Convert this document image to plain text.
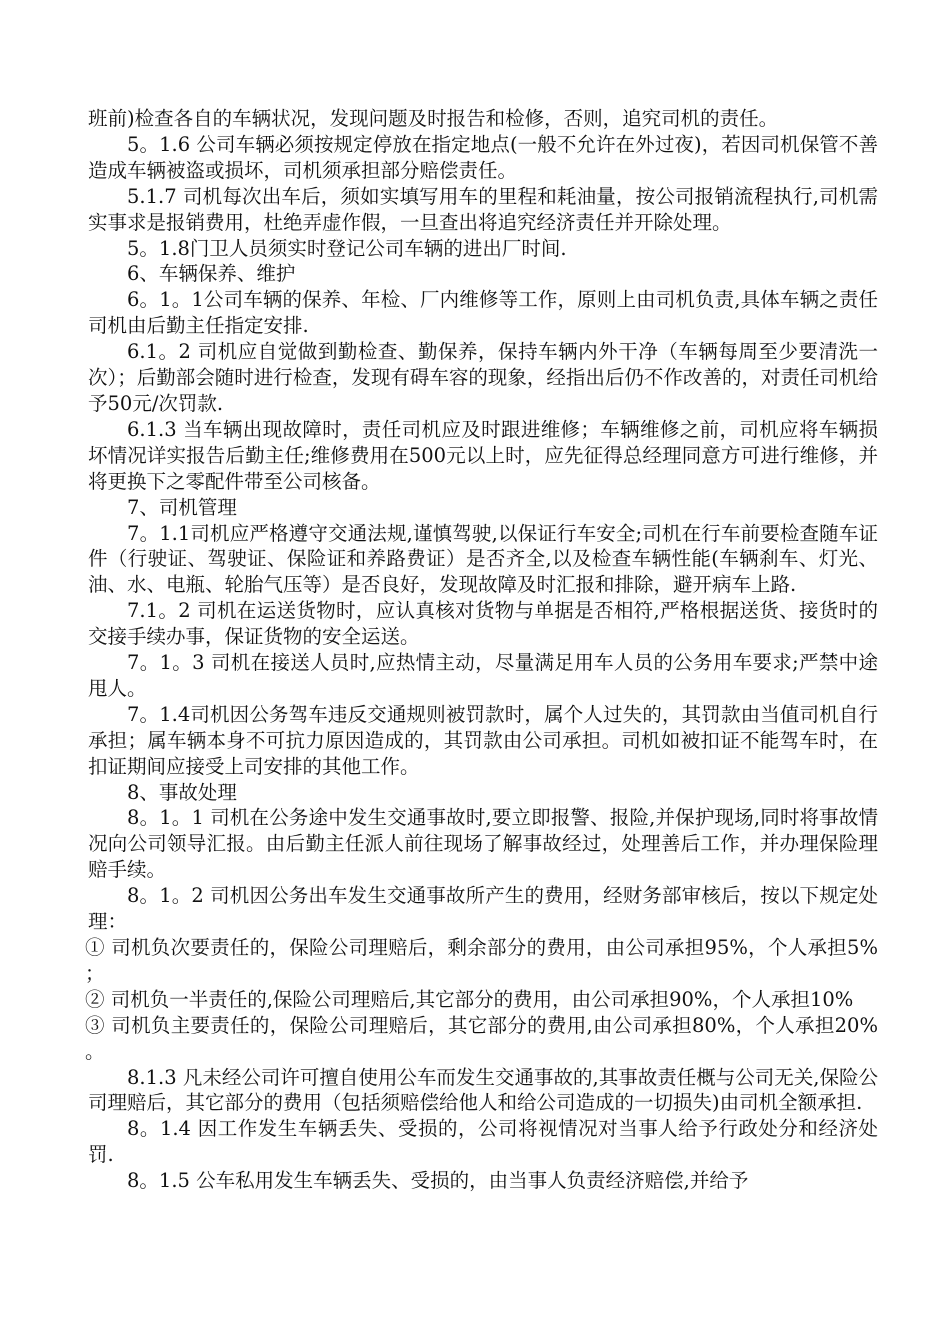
班前)检查各自的车辆状况，发现问题及时报告和检修，否则，追究司机的责任。

5。1.6 公司车辆必须按规定停放在指定地点(一般不允许在外过夜)，若因司机保管不善造成车辆被盗或损坏，司机须承担部分赔偿责任。

5.1.7 司机每次出车后，须如实填写用车的里程和耗油量，按公司报销流程执行,司机需实事求是报销费用，杜绝弄虚作假，一旦查出将追究经济责任并开除处理。

5。1.8门卫人员须实时登记公司车辆的进出厂时间.

6、车辆保养、维护

6。1。1公司车辆的保养、年检、厂内维修等工作，原则上由司机负责,具体车辆之责任司机由后勤主任指定安排.

6.1。2 司机应自觉做到勤检查、勤保养，保持车辆内外干净（车辆每周至少要清洗一次）；后勤部会随时进行检查，发现有碍车容的现象，经指出后仍不作改善的，对责任司机给予50元/次罚款.

6.1.3 当车辆出现故障时，责任司机应及时跟进维修；车辆维修之前，司机应将车辆损坏情况详实报告后勤主任;维修费用在500元以上时，应先征得总经理同意方可进行维修，并将更换下之零配件带至公司核备。

7、司机管理

7。1.1司机应严格遵守交通法规,谨慎驾驶,以保证行车安全;司机在行车前要检查随车证件（行驶证、驾驶证、保险证和养路费证）是否齐全,以及检查车辆性能(车辆刹车、灯光、油、水、电瓶、轮胎气压等）是否良好，发现故障及时汇报和排除，避开病车上路.

7.1。2 司机在运送货物时，应认真核对货物与单据是否相符,严格根据送货、接货时的交接手续办事，保证货物的安全运送。

7。1。3 司机在接送人员时,应热情主动，尽量满足用车人员的公务用车要求;严禁中途甩人。

7。1.4司机因公务驾车违反交通规则被罚款时，属个人过失的，其罚款由当值司机自行承担；属车辆本身不可抗力原因造成的，其罚款由公司承担。司机如被扣证不能驾车时，在扣证期间应接受上司安排的其他工作。

8、事故处理

8。1。1 司机在公务途中发生交通事故时,要立即报警、报险,并保护现场,同时将事故情况向公司领导汇报。由后勤主任派人前往现场了解事故经过，处理善后工作，并办理保险理赔手续。

8。1。2 司机因公务出车发生交通事故所产生的费用，经财务部审核后，按以下规定处理：

① 司机负次要责任的，保险公司理赔后，剩余部分的费用，由公司承担95%，个人承担5%；

② 司机负一半责任的,保险公司理赔后,其它部分的费用，由公司承担90%，个人承担10%

③ 司机负主要责任的，保险公司理赔后，其它部分的费用,由公司承担80%，个人承担20%。

8.1.3 凡未经公司许可擅自使用公车而发生交通事故的,其事故责任概与公司无关,保险公司理赔后，其它部分的费用（包括须赔偿给他人和给公司造成的一切损失)由司机全额承担.

8。1.4 因工作发生车辆丢失、受损的，公司将视情况对当事人给予行政处分和经济处罚.

8。1.5 公车私用发生车辆丢失、受损的，由当事人负责经济赔偿,并给予
